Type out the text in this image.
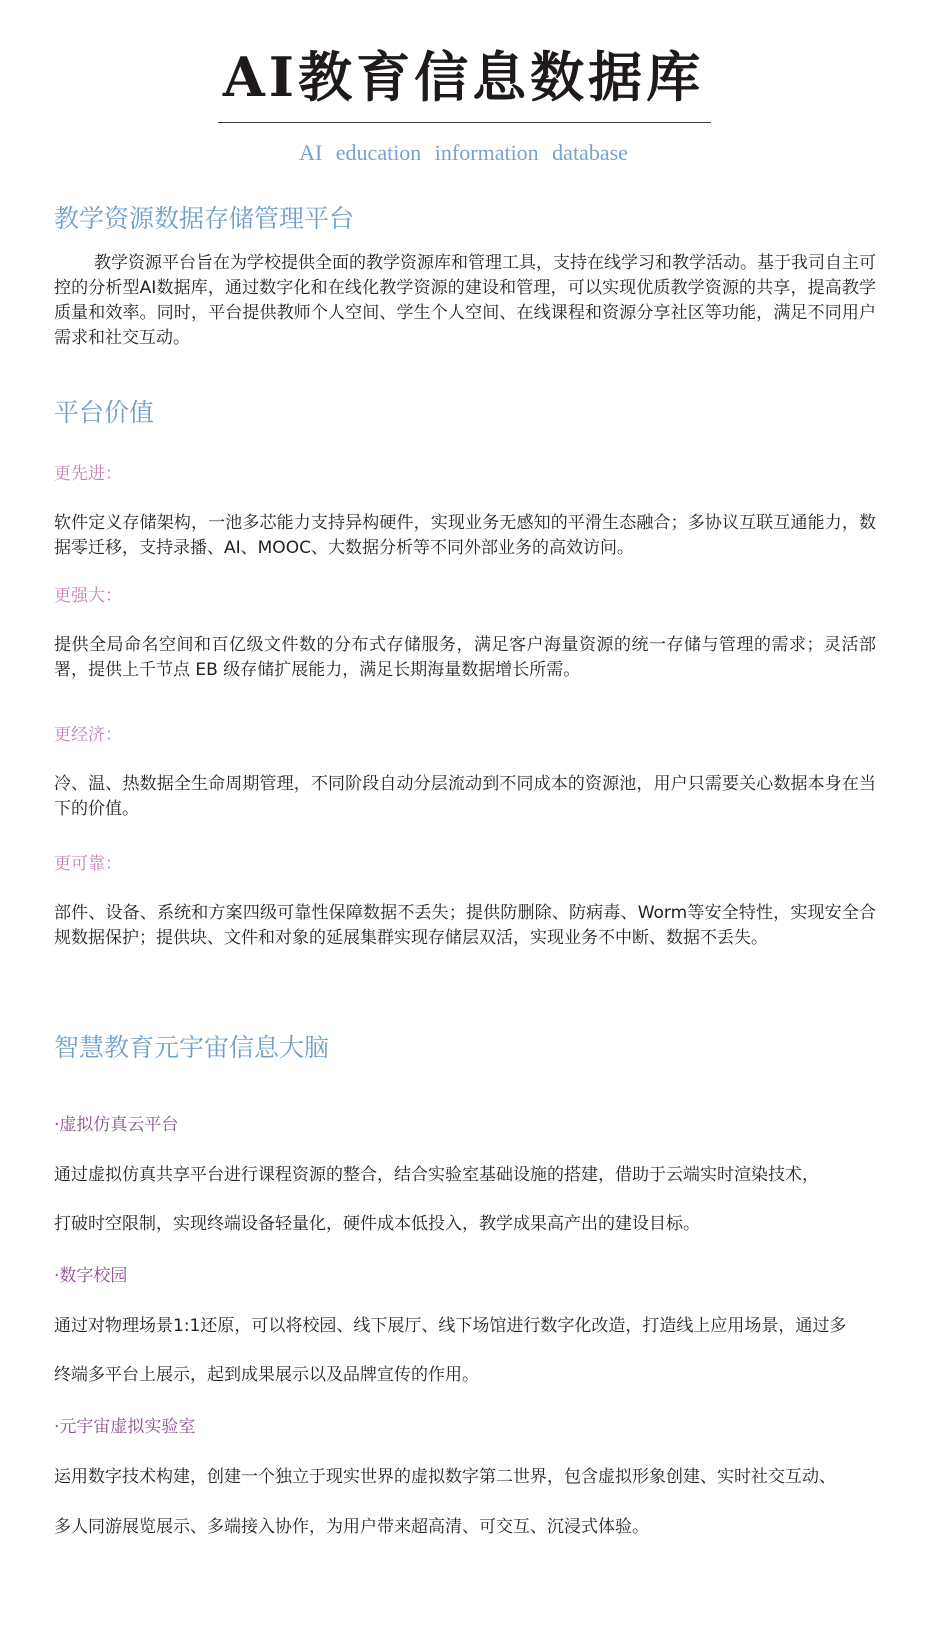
AI教育信息数据库
AI education information database
教学资源数据存储管理平台
教学资源平台旨在为学校提供全面的教学资源库和管理工具，支持在线学习和教学活动。基于我司自主可控的分析型AI数据库，通过数字化和在线化教学资源的建设和管理，可以实现优质教学资源的共享，提高教学质量和效率。同时，平台提供教师个人空间、学生个人空间、在线课程和资源分享社区等功能，满足不同用户需求和社交互动。
平台价值
更先进：
软件定义存储架构，一池多芯能力支持异构硬件，实现业务无感知的平滑生态融合；多协议互联互通能力，数据零迁移，支持录播、AI、MOOC、大数据分析等不同外部业务的高效访问。
更强大：
提供全局命名空间和百亿级文件数的分布式存储服务，满足客户海量资源的统一存储与管理的需求；灵活部署，提供上千节点 EB 级存储扩展能力，满足长期海量数据增长所需。
更经济：
冷、温、热数据全生命周期管理，不同阶段自动分层流动到不同成本的资源池，用户只需要关心数据本身在当下的价值。
更可靠：
部件、设备、系统和方案四级可靠性保障数据不丢失；提供防删除、防病毒、Worm等安全特性，实现安全合规数据保护；提供块、文件和对象的延展集群实现存储层双活，实现业务不中断、数据不丢失。
智慧教育元宇宙信息大脑
·虚拟仿真云平台
通过虚拟仿真共享平台进行课程资源的整合，结合实验室基础设施的搭建，借助于云端实时渲染技术，
打破时空限制，实现终端设备轻量化，硬件成本低投入，教学成果高产出的建设目标。
·数字校园
通过对物理场景1:1还原，可以将校园、线下展厅、线下场馆进行数字化改造，打造线上应用场景，通过多
终端多平台上展示，起到成果展示以及品牌宣传的作用。
·元宇宙虚拟实验室
运用数字技术构建，创建一个独立于现实世界的虚拟数字第二世界，包含虚拟形象创建、实时社交互动、
多人同游展览展示、多端接入协作，为用户带来超高清、可交互、沉浸式体验。
